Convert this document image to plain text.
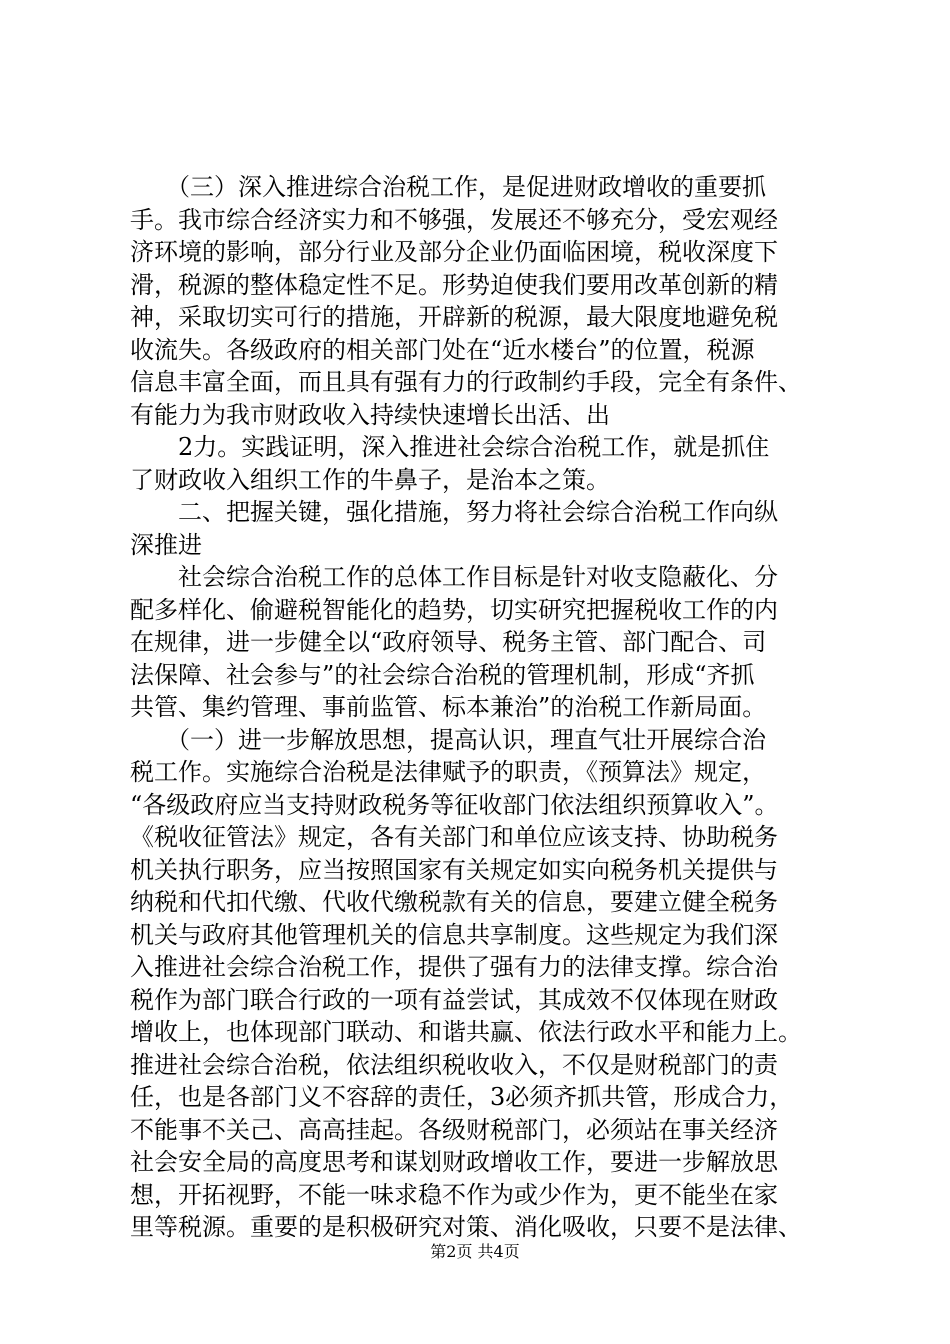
　　（三）深入推进综合治税工作，是促进财政增收的重要抓
手。我市综合经济实力和不够强，发展还不够充分，受宏观经
济环境的影响，部分行业及部分企业仍面临困境，税收深度下
滑，税源的整体稳定性不足。形势迫使我们要用改革创新的精
神，采取切实可行的措施，开辟新的税源，最大限度地避免税
收流失。各级政府的相关部门处在“近水楼台”的位置，税源
信息丰富全面，而且具有强有力的行政制约手段，完全有条件、
有能力为我市财政收入持续快速增长出活、出
　　2力。实践证明，深入推进社会综合治税工作，就是抓住
了财政收入组织工作的牛鼻子，是治本之策。
　　二、把握关键，强化措施，努力将社会综合治税工作向纵
深推进
　　社会综合治税工作的总体工作目标是针对收支隐蔽化、分
配多样化、偷避税智能化的趋势，切实研究把握税收工作的内
在规律，进一步健全以“政府领导、税务主管、部门配合、司
法保障、社会参与”的社会综合治税的管理机制，形成“齐抓
共管、集约管理、事前监管、标本兼治”的治税工作新局面。
　　（一）进一步解放思想，提高认识，理直气壮开展综合治
税工作。实施综合治税是法律赋予的职责，《预算法》规定，
“各级政府应当支持财政税务等征收部门依法组织预算收入”。
《税收征管法》规定，各有关部门和单位应该支持、协助税务
机关执行职务，应当按照国家有关规定如实向税务机关提供与
纳税和代扣代缴、代收代缴税款有关的信息，要建立健全税务
机关与政府其他管理机关的信息共享制度。这些规定为我们深
入推进社会综合治税工作，提供了强有力的法律支撑。综合治
税作为部门联合行政的一项有益尝试，其成效不仅体现在财政
增收上，也体现部门联动、和谐共赢、依法行政水平和能力上。
推进社会综合治税，依法组织税收收入，不仅是财税部门的责
任，也是各部门义不容辞的责任，3必须齐抓共管，形成合力，
不能事不关己、高高挂起。各级财税部门，必须站在事关经济
社会安全局的高度思考和谋划财政增收工作，要进一步解放思
想，开拓视野，不能一味求稳不作为或少作为，更不能坐在家
里等税源。重要的是积极研究对策、消化吸收，只要不是法律、
第2页 共4页
